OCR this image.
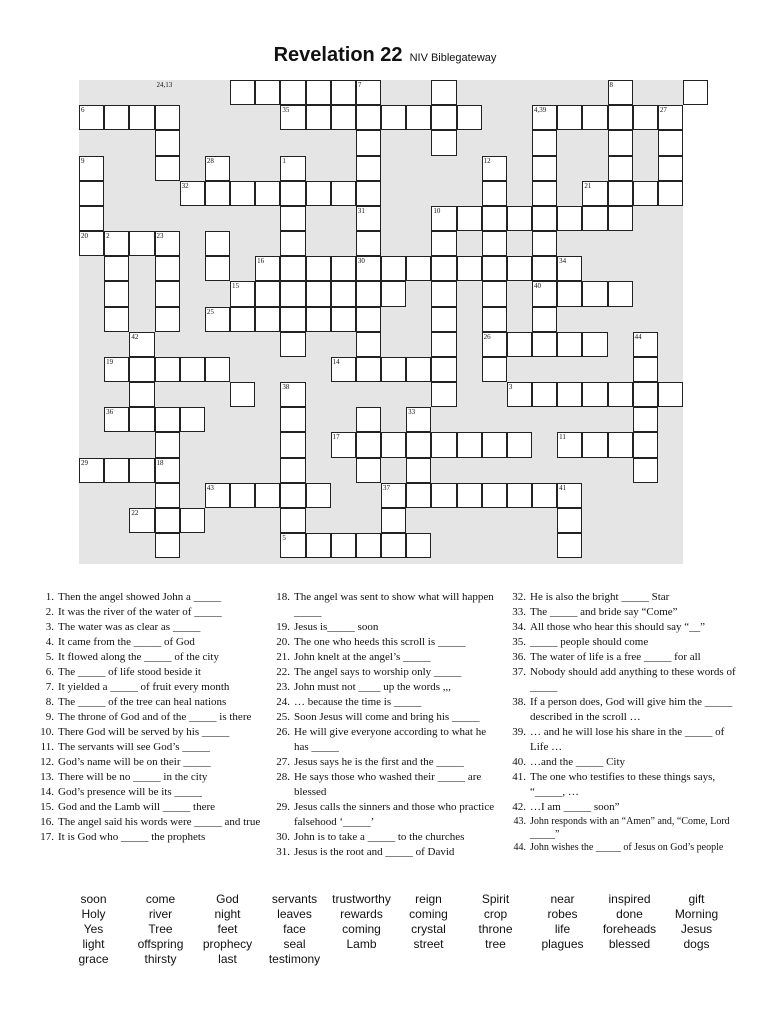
Revelation 22 NIV Biblegateway
24,13	7	8
6	35	4,39	27
9	28	1	12
32	21
31	10
20	2	23
16	30	34
15	40
25
42	26	44
19	14
38	3
36	33
17	11
29	18
43	37	41
22
5
1. Then the angel showed John a _____
2. It was the river of the water of _____
3. The water was as clear as _____
4. It came from the _____ of God
5. It flowed along the _____ of the city
6. The _____ of life stood beside it
7. It yielded a _____ of fruit every month
8. The _____ of the tree can heal nations
9. The throne of God and of the _____ is there
10. There God will be served by his _____
11. The servants will see God’s _____
12. God’s name will be on their _____
13. There will be no _____ in the city
14. God’s presence will be its _____
15. God and the Lamb will _____ there
16. The angel said his words were _____ and true
17. It is God who _____ the prophets
18. The angel was sent to show what will happen _____
19. Jesus is_____ soon
20. The one who heeds this scroll is _____
21. John knelt at the angel’s _____
22. The angel says to worship only _____
23. John must not ____ up the words ,,,
24. … because the time is _____
25. Soon Jesus will come and bring his _____
26. He will give everyone according to what he has _____
27. Jesus says he is the first and the _____
28. He says those who washed their _____ are blessed
29. Jesus calls the sinners and those who practice falsehood ‘_____’
30. John is to take a _____ to the churches
31. Jesus is the root and _____ of David
32. He is also the bright _____ Star
33. The _____ and bride say “Come”
34. All those who hear this should say “__”
35. _____ people should come
36. The water of life is a free _____ for all
37. Nobody should add anything to these words of _____
38. If a person does, God will give him the _____ described in the scroll …
39. … and he will lose his share in the _____ of Life …
40. …and the _____ City
41. The one who testifies to these things says, “_____, …
42. …I am _____ soon”
43. John responds with an “Amen” and, “Come, Lord _____”
44. John wishes the _____ of Jesus on God’s people
soon	come	God	servants	trustworthy	reign	Spirit	near	inspired	gift
Holy	river	night	leaves	rewards	coming	crop	robes	done	Morning
Yes	Tree	feet	face	coming	crystal	throne	life	foreheads	Jesus
light	offspring	prophecy	seal	Lamb	street	tree	plagues	blessed	dogs
grace	thirsty	last	testimony
